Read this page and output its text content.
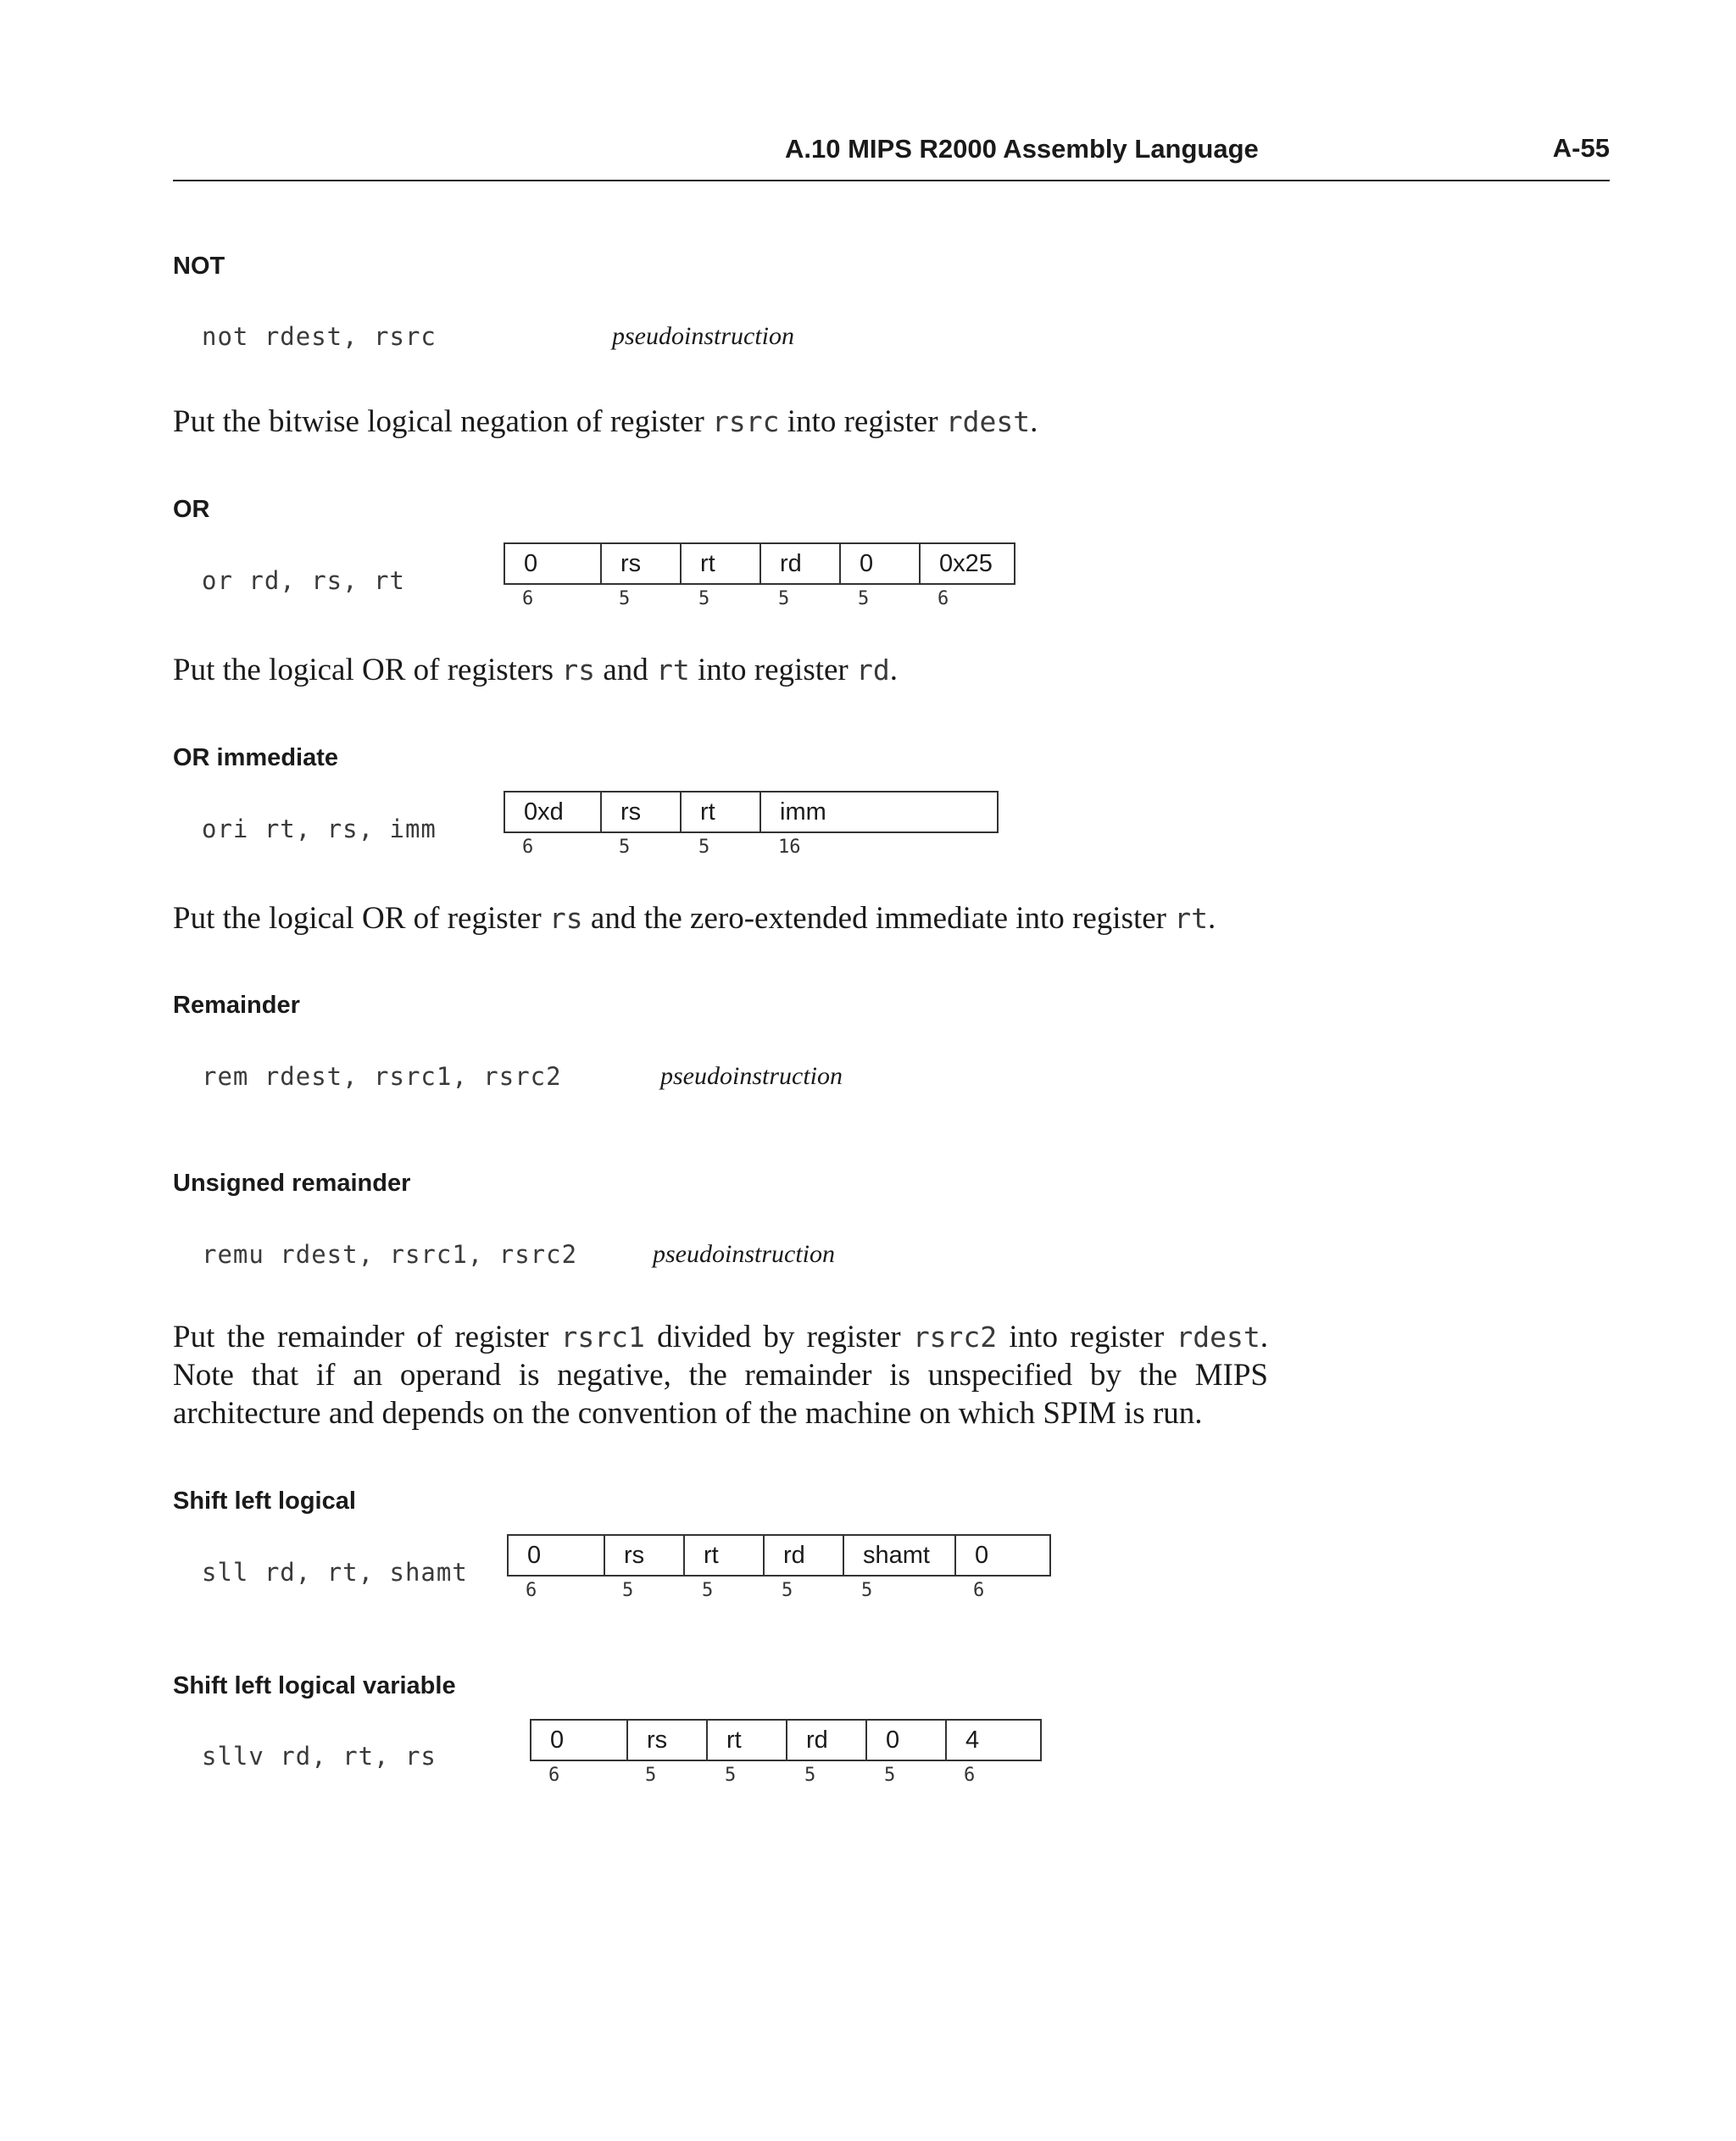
A.10 MIPS R2000 Assembly Language	A-55
NOT
not rdest, rsrc	pseudoinstruction
Put the bitwise logical negation of register rsrc into register rdest.
OR
or rd, rs, rt
0	rs	rt	rd	0	0x25
6	5	5	5	5	6
Put the logical OR of registers rs and rt into register rd.
OR immediate
ori rt, rs, imm
0xd	rs	rt	imm
6	5	5	16
Put the logical OR of register rs and the zero-extended immediate into register rt.
Remainder
rem rdest, rsrc1, rsrc2	pseudoinstruction
Unsigned remainder
remu rdest, rsrc1, rsrc2	pseudoinstruction
Put the remainder of register rsrc1 divided by register rsrc2 into register rdest. Note that if an operand is negative, the remainder is unspecified by the MIPS architecture and depends on the convention of the machine on which SPIM is run.
Shift left logical
sll rd, rt, shamt
0	rs	rt	rd	shamt	0
6	5	5	5	5	6
Shift left logical variable
sllv rd, rt, rs
0	rs	rt	rd	0	4
6	5	5	5	5	6
